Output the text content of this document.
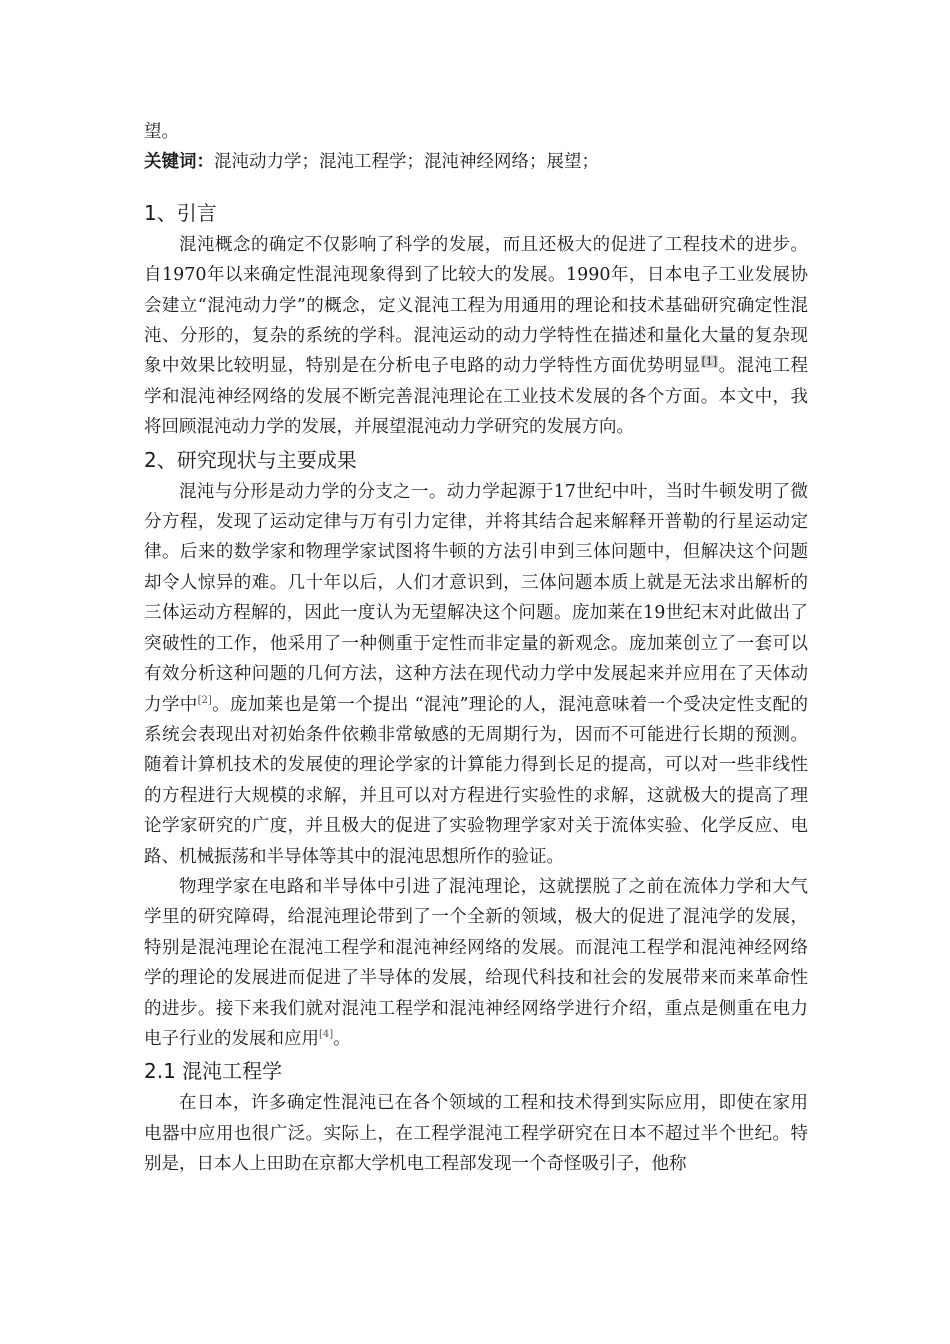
望。

关键词：混沌动力学；混沌工程学；混沌神经网络；展望；

1、引言

混沌概念的确定不仅影响了科学的发展，而且还极大的促进了工程技术的进步。自1970年以来确定性混沌现象得到了比较大的发展。1990年，日本电子工业发展协会建立“混沌动力学”的概念，定义混沌工程为用通用的理论和技术基础研究确定性混沌、分形的，复杂的系统的学科。混沌运动的动力学特性在描述和量化大量的复杂现象中效果比较明显，特别是在分析电子电路的动力学特性方面优势明显[1]。混沌工程学和混沌神经网络的发展不断完善混沌理论在工业技术发展的各个方面。本文中，我将回顾混沌动力学的发展，并展望混沌动力学研究的发展方向。

2、研究现状与主要成果

混沌与分形是动力学的分支之一。动力学起源于17世纪中叶，当时牛顿发明了微分方程，发现了运动定律与万有引力定律，并将其结合起来解释开普勒的行星运动定律。后来的数学家和物理学家试图将牛顿的方法引申到三体问题中，但解决这个问题却令人惊异的难。几十年以后，人们才意识到，三体问题本质上就是无法求出解析的三体运动方程解的，因此一度认为无望解决这个问题。庞加莱在19世纪末对此做出了突破性的工作，他采用了一种侧重于定性而非定量的新观念。庞加莱创立了一套可以有效分析这种问题的几何方法，这种方法在现代动力学中发展起来并应用在了天体动力学中[2]。庞加莱也是第一个提出 “混沌”理论的人，混沌意味着一个受决定性支配的系统会表现出对初始条件依赖非常敏感的无周期行为，因而不可能进行长期的预测。随着计算机技术的发展使的理论学家的计算能力得到长足的提高，可以对一些非线性的方程进行大规模的求解，并且可以对方程进行实验性的求解，这就极大的提高了理论学家研究的广度，并且极大的促进了实验物理学家对关于流体实验、化学反应、电路、机械振荡和半导体等其中的混沌思想所作的验证。

物理学家在电路和半导体中引进了混沌理论，这就摆脱了之前在流体力学和大气学里的研究障碍，给混沌理论带到了一个全新的领域，极大的促进了混沌学的发展，特别是混沌理论在混沌工程学和混沌神经网络的发展。而混沌工程学和混沌神经网络学的理论的发展进而促进了半导体的发展，给现代科技和社会的发展带来而来革命性的进步。接下来我们就对混沌工程学和混沌神经网络学进行介绍，重点是侧重在电力电子行业的发展和应用[4]。

2.1 混沌工程学

在日本，许多确定性混沌已在各个领域的工程和技术得到实际应用，即使在家用电器中应用也很广泛。实际上，在工程学混沌工程学研究在日本不超过半个世纪。特别是，日本人上田助在京都大学机电工程部发现一个奇怪吸引子，他称
